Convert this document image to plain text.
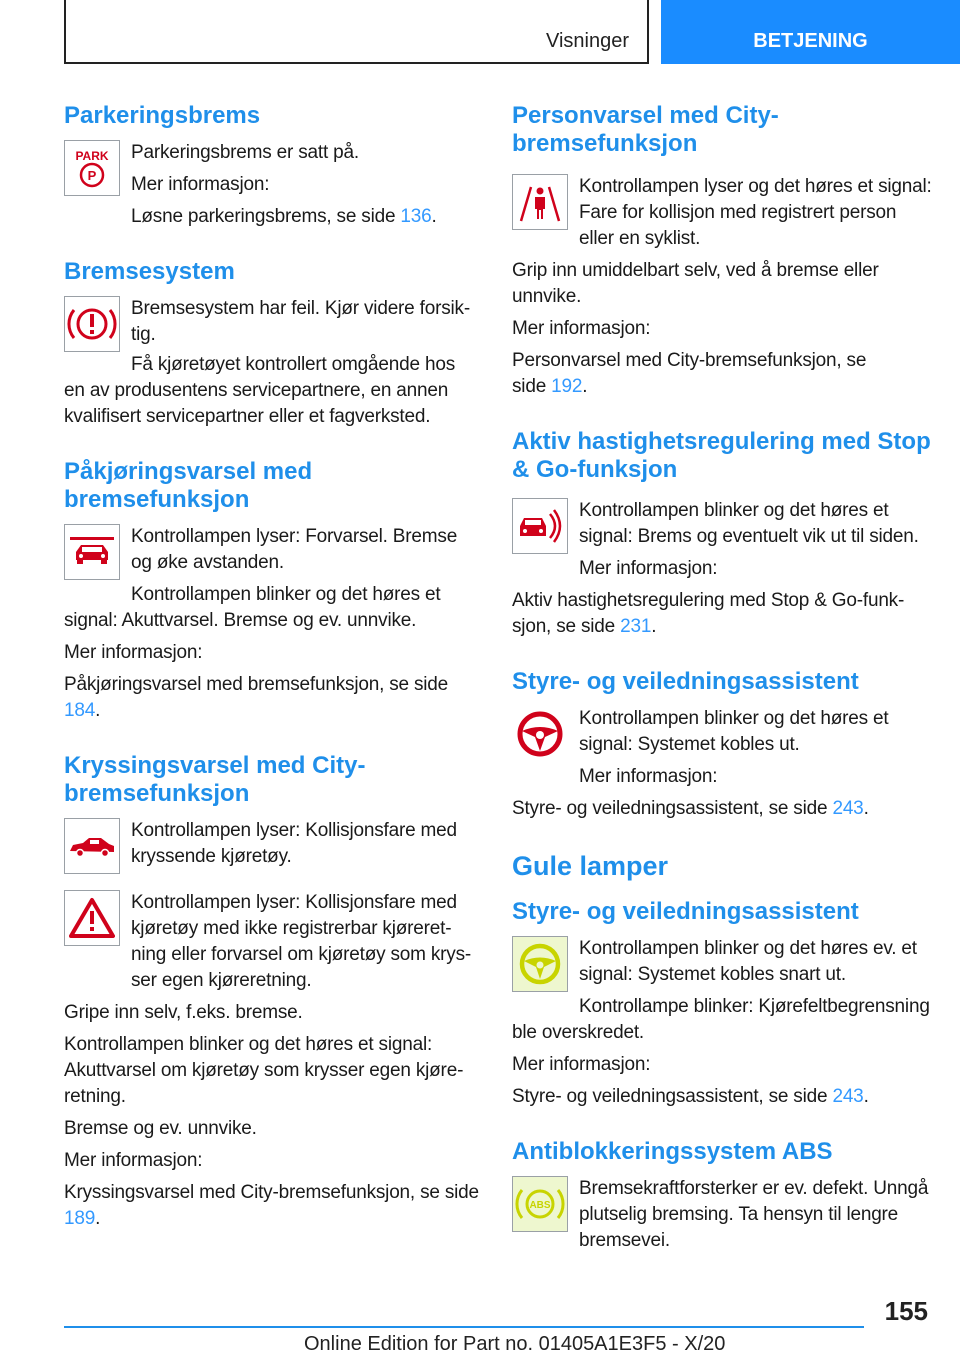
Visninger	BETJENING
Parkeringsbrems
PARK
P

Parkeringsbrems er satt på.

Mer informasjon:

Løsne parkeringsbrems, se side 136.

Bremsesystem

Bremsesystem har feil. Kjør videre forsiktig.

Få kjøretøyet kontrollert omgående hos en av produsentens servicepartnere, en annen kvalifisert servicepartner eller et fagverksted.

Påkjøringsvarsel med bremsefunksjon

Kontrollampen lyser: Forvarsel. Bremse og øke avstanden.

Kontrollampen blinker og det høres et signal: Akuttvarsel. Bremse og ev. unnvike.

Mer informasjon:

Påkjøringsvarsel med bremsefunksjon, se side 184.

Kryssingsvarsel med City-bremsefunksjon

Kontrollampen lyser: Kollisjonsfare med kryssende kjøretøy.

Kontrollampen lyser: Kollisjonsfare med kjøretøy med ikke registrerbar kjøreretning eller forvarsel om kjøretøy som krysser egen kjøreretning.

Gripe inn selv, f.eks. bremse.

Kontrollampen blinker og det høres et signal: Akuttvarsel om kjøretøy som krysser egen kjøreretning.

Bremse og ev. unnvike.

Mer informasjon:

Kryssingsvarsel med City-bremsefunksjon, se side 189.

Personvarsel med City-bremsefunksjon

Kontrollampen lyser og det høres et signal: Fare for kollisjon med registrert person eller en syklist.

Grip inn umiddelbart selv, ved å bremse eller unnvike.

Mer informasjon:

Personvarsel med City-bremsefunksjon, se side 192.

Aktiv hastighetsregulering med Stop & Go-funksjon

Kontrollampen blinker og det høres et signal: Brems og eventuelt vik ut til siden.

Mer informasjon:

Aktiv hastighetsregulering med Stop & Go-funksjon, se side 231.

Styre- og veiledningsassistent

Kontrollampen blinker og det høres et signal: Systemet kobles ut.

Mer informasjon:

Styre- og veiledningsassistent, se side 243.

Gule lamper
Styre- og veiledningsassistent

Kontrollampen blinker og det høres ev. et signal: Systemet kobles snart ut.

Kontrollampe blinker: Kjørefeltbegrensning ble overskredet.

Mer informasjon:

Styre- og veiledningsassistent, se side 243.

Antiblokkeringssystem ABS
ABS

Bremsekraftforsterker er ev. defekt. Unngå plutselig bremsing. Ta hensyn til lengre bremsevei.

155
Online Edition for Part no. 01405A1E3F5 - X/20
